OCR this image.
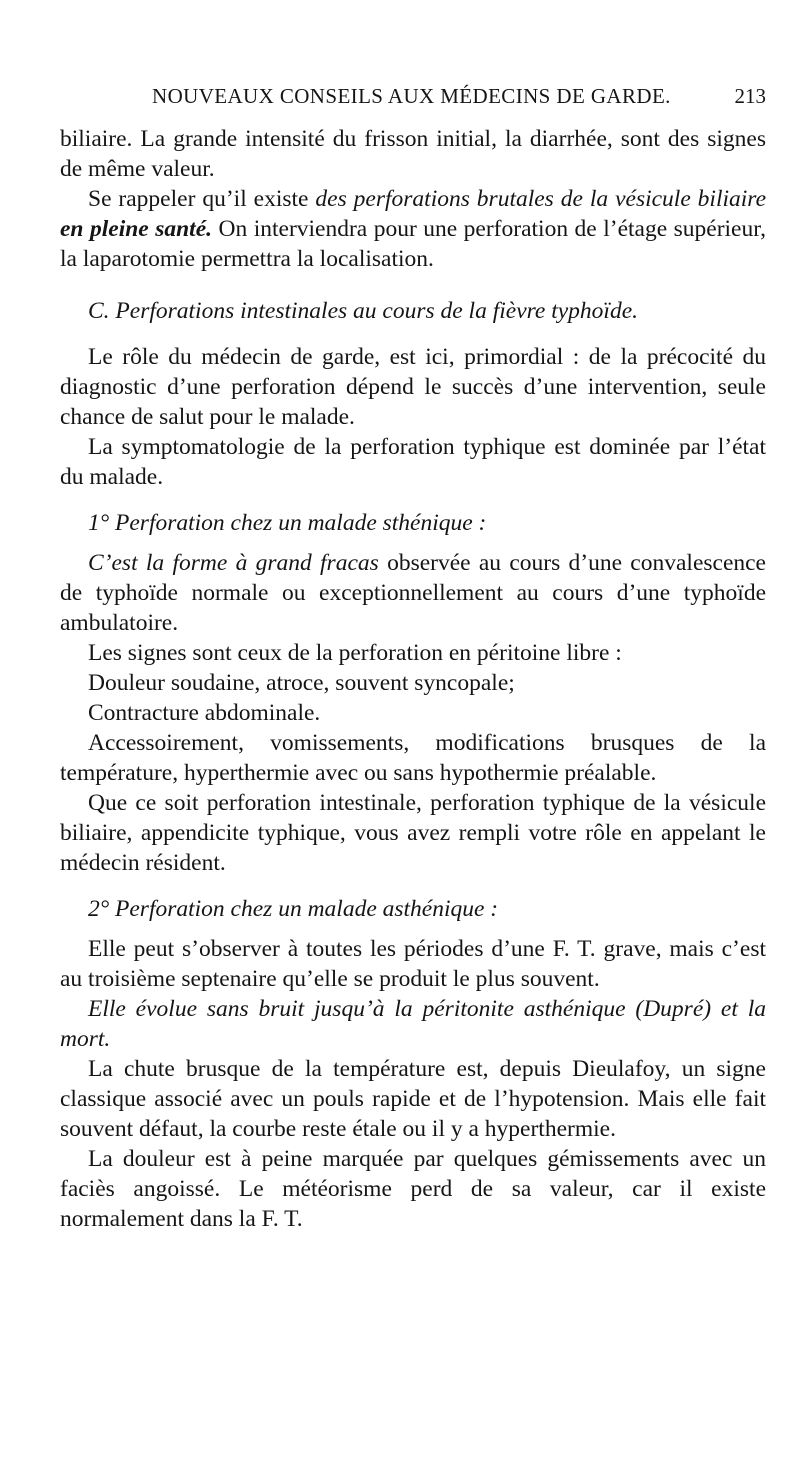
NOUVEAUX CONSEILS AUX MÉDECINS DE GARDE.	213

biliaire. La grande intensité du frisson initial, la diarrhée, sont des signes de même valeur.

Se rappeler qu’il existe des perforations brutales de la vésicule biliaire en pleine santé. On interviendra pour une perforation de l’étage supérieur, la laparotomie permettra la localisation.

C. Perforations intestinales au cours de la fièvre typhoïde.

Le rôle du médecin de garde, est ici, primordial : de la précocité du diagnostic d’une perforation dépend le succès d’une intervention, seule chance de salut pour le malade.

La symptomatologie de la perforation typhique est dominée par l’état du malade.

1° Perforation chez un malade sthénique :

C’est la forme à grand fracas observée au cours d’une convalescence de typhoïde normale ou exceptionnellement au cours d’une typhoïde ambulatoire.

Les signes sont ceux de la perforation en péritoine libre :

Douleur soudaine, atroce, souvent syncopale;

Contracture abdominale.

Accessoirement, vomissements, modifications brusques de la température, hyperthermie avec ou sans hypothermie préalable.

Que ce soit perforation intestinale, perforation typhique de la vésicule biliaire, appendicite typhique, vous avez rempli votre rôle en appelant le médecin résident.

2° Perforation chez un malade asthénique :

Elle peut s’observer à toutes les périodes d’une F. T. grave, mais c’est au troisième septenaire qu’elle se produit le plus souvent.

Elle évolue sans bruit jusqu’à la péritonite asthénique (Dupré) et la mort.

La chute brusque de la température est, depuis Dieulafoy, un signe classique associé avec un pouls rapide et de l’hypotension. Mais elle fait souvent défaut, la courbe reste étale ou il y a hyperthermie.

La douleur est à peine marquée par quelques gémissements avec un faciès angoissé. Le météorisme perd de sa valeur, car il existe normalement dans la F. T.
